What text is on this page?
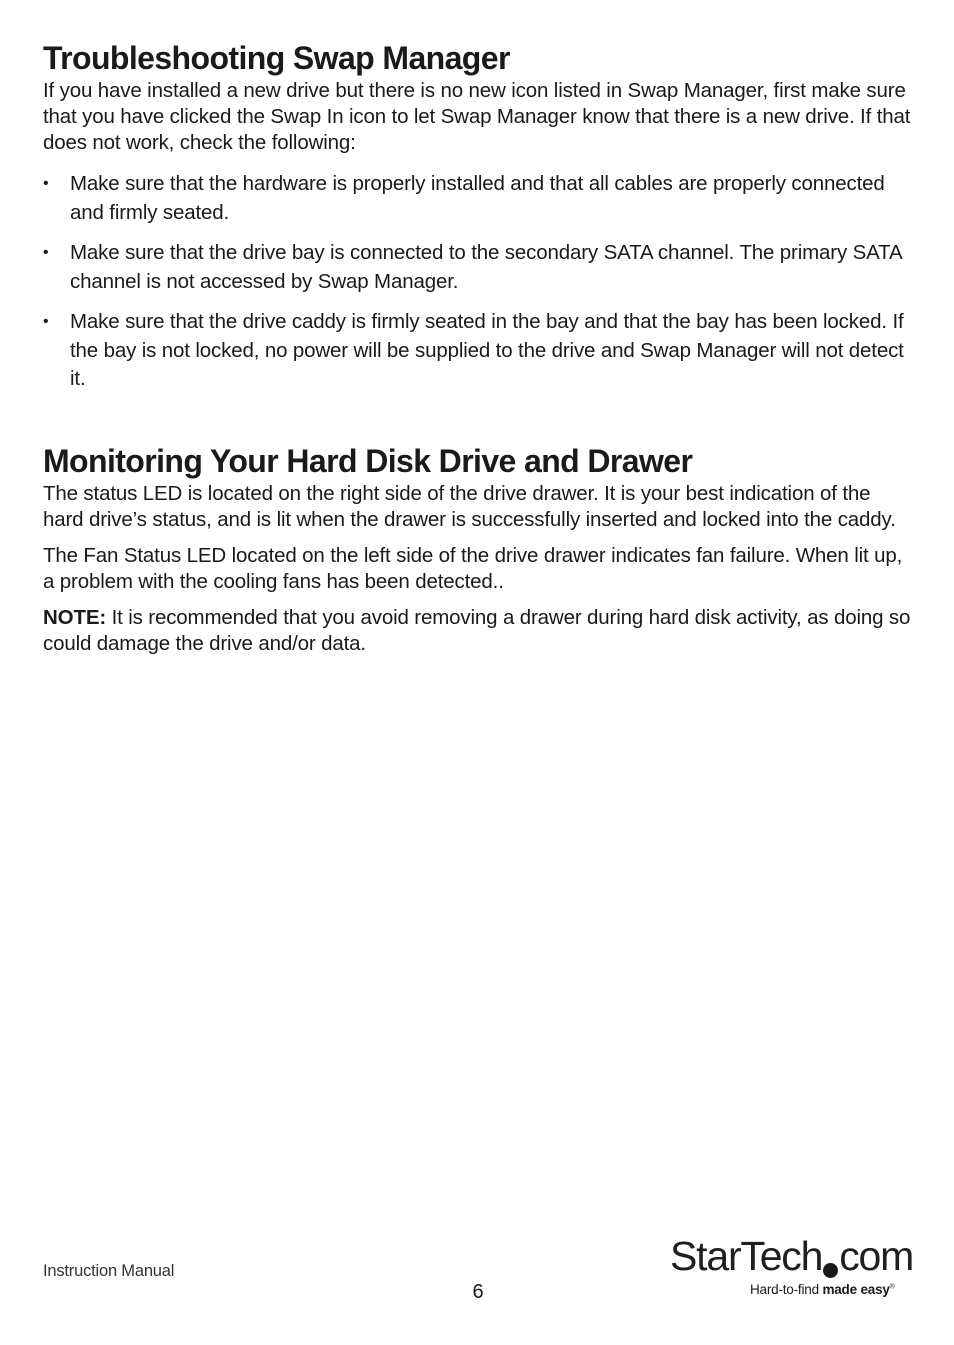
Troubleshooting Swap Manager

If you have installed a new drive but there is no new icon listed in Swap Manager, first make sure that you have clicked the Swap In icon to let Swap Manager know that there is a new drive. If that does not work, check the following:

• Make sure that the hardware is properly installed and that all cables are properly connected and firmly seated.
• Make sure that the drive bay is connected to the secondary SATA channel. The primary SATA channel is not accessed by Swap Manager.
• Make sure that the drive caddy is firmly seated in the bay and that the bay has been locked. If the bay is not locked, no power will be supplied to the drive and Swap Manager will not detect it.
Monitoring Your Hard Disk Drive and Drawer

The status LED is located on the right side of the drive drawer. It is your best indication of the hard drive’s status, and is lit when the drawer is successfully inserted and locked into the caddy.

The Fan Status LED located on the left side of the drive drawer indicates fan failure. When lit up, a problem with the cooling fans has been detected..

NOTE: It is recommended that you avoid removing a drawer during hard disk activity, as doing so could damage the drive and/or data.

Instruction Manual
6
StarTech com
Hard-to-find made easy®
